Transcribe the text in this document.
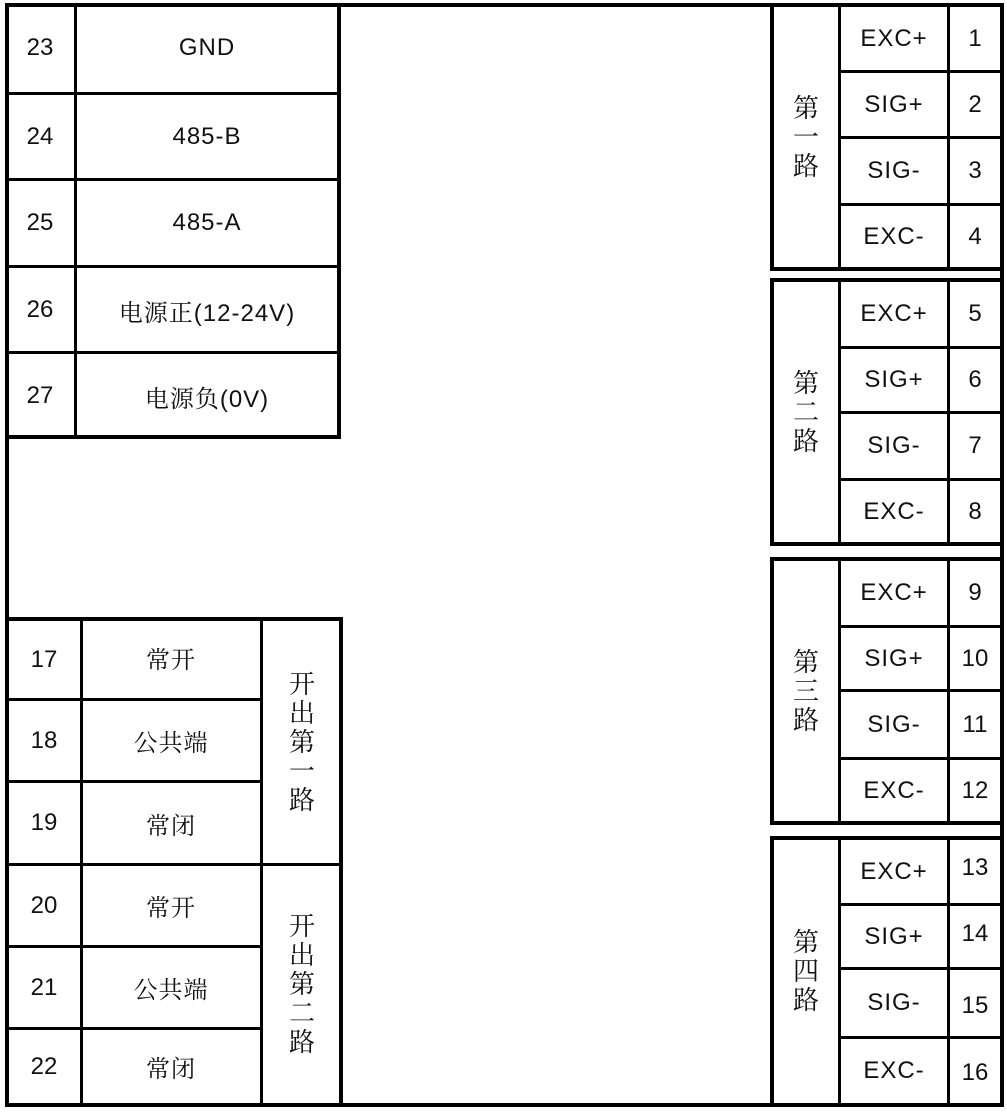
23	GND
24	485-B
25	485-A
26	电源正(12-24V)
27	电源负(0V)
17	常开
18	公共端
19	常闭
开出第一路
20	常开
21	公共端
22	常闭
开出第二路
第一路
EXC+	1
SIG+	2
SIG-	3
EXC-	4
第二路
EXC+	5
SIG+	6
SIG-	7
EXC-	8
第三路
EXC+	9
SIG+	10
SIG-	11
EXC-	12
第四路
EXC+	13
SIG+	14
SIG-	15
EXC-	16
